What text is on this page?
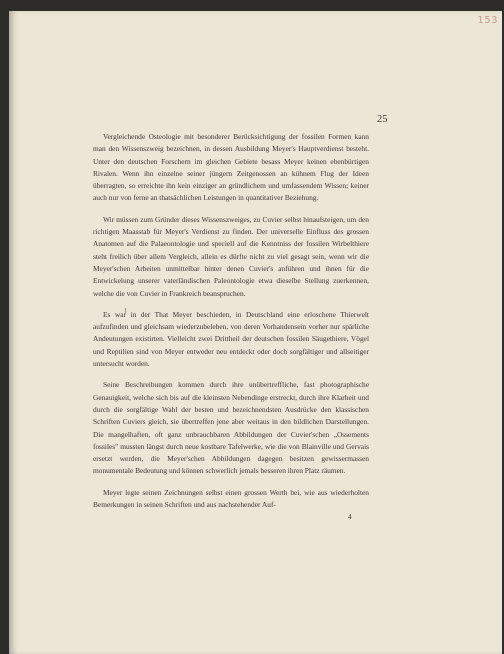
153
25

Vergleichende Osteologie mit besonderer Berücksichtigung der fossilen Formen kann man den Wissenszweig bezeichnen, in dessen Ausbildung Meyer's Hauptverdienst besteht. Unter den deutschen Forschern im gleichen Gebiete besass Meyer keinen ebenbürtigen Rivalen. Wenn ihn einzelne seiner jüngern Zeitgenossen an kühnem Flug der Ideen überragten, so erreichte ihn kein einziger an gründlichem und umfassendem Wissen; keiner auch nur von ferne an thatsächlichen Leistungen in quantitativer Beziehung.

Wir müssen zum Gründer dieses Wissenszweiges, zu Cuvier selbst hinaufsteigen, um den richtigen Maasstab für Meyer's Verdienst zu finden. Der universelle Einfluss des grossen Anatomen auf die Palaeontologie und speciell auf die Kenntniss der fossilen Wirbelthiere steht freilich über allem Vergleich, allein es dürfte nicht zu viel gesagt sein, wenn wir die Meyer'schen Arbeiten unmittelbar hinter denen Cuvier's anführen und ihnen für die Entwickelung unserer vaterländischen Paleontologie etwa dieselbe Stellung zuerkennen, welche die von Cuvier in Frankreich beanspruchen.

Es war in der That Meyer beschieden, in Deutschland eine erloschene Thierwelt aufzufinden und gleichsam wiederzubeleben, von deren Vorhandensein vorher nur spärliche Andeutungen existirten. Vielleicht zwei Drittheil der deutschen fossilen Säugethiere, Vögel und Reptilien sind von Meyer entweder neu entdeckt oder doch sorgfältiger und allseitiger untersucht worden.

Seine Beschreibungen kommen durch ihre unübertreffliche, fast photographische Genauigkeit, welche sich bis auf die kleinsten Nebendinge erstreckt, durch ihre Klarheit und durch die sorgfältige Wahl der besten und bezeichnendsten Ausdrücke den klassischen Schriften Cuviers gleich, sie übertreffen jene aber weitaus in den bildlichen Darstellungen. Die mangelhaften, oft ganz unbrauchbaren Abbildungen der Cuvier'schen „Ossements fossiles" mussten längst durch neue kostbare Tafelwerke, wie die von Blainville und Gervais ersetzt werden, die Meyer'schen Abbildungen dagegen besitzen gewissermassen monumentale Bedeutung und können schwerlich jemals besseren ihren Platz räumen.

Meyer legte seinen Zeichnungen selbst einen grossen Werth bei, wie aus wiederholten Bemerkungen in seinen Schriften und aus nachstehender Auf-

4
